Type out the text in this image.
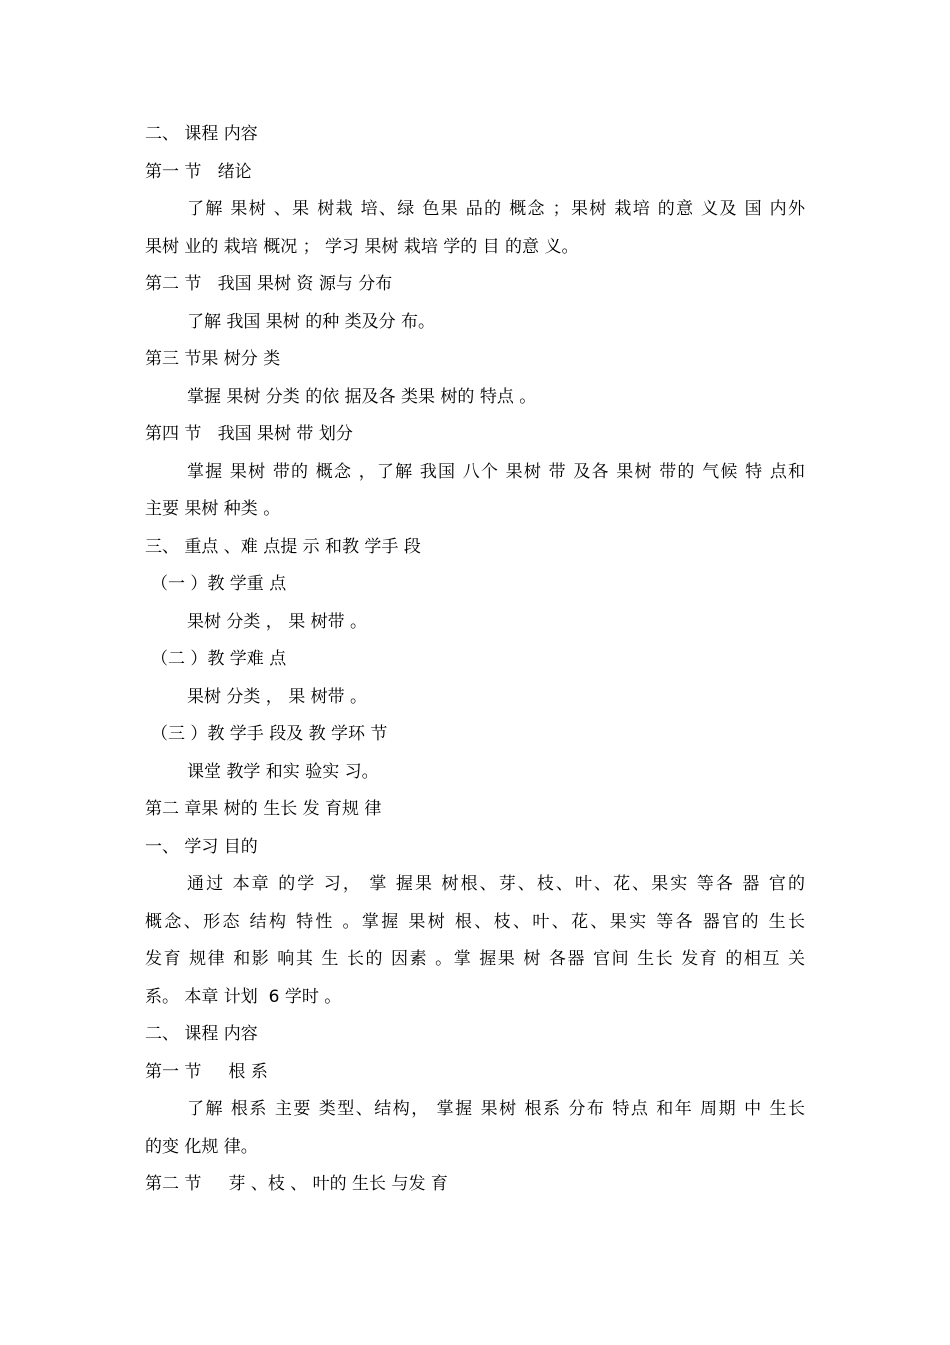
二、 课程 内容
第一 节   绪论
了解 果树 、果 树栽 培、绿 色果 品的 概念 ；果树 栽培 的意 义及 国 内外
果树 业的 栽培 概况 ； 学习 果树 栽培 学的 目 的意 义。
第二 节   我国 果树 资 源与 分布
了解 我国 果树 的种 类及分 布。
第三 节果 树分 类
掌握 果树 分类 的依 据及各 类果 树的 特点 。
第四 节   我国 果树 带 划分
掌握 果树 带的 概念 ，了解 我国 八个 果树 带 及各 果树 带的 气候 特 点和
主要 果树 种类 。
三、 重点 、难 点提 示 和教 学手 段
（一 ）教 学重 点
果树 分类 ， 果 树带 。
（二 ）教 学难 点
果树 分类 ， 果 树带 。
（三 ）教 学手 段及 教 学环 节
课堂 教学 和实 验实 习。
第二 章果 树的 生长 发 育规 律
一、 学习 目的
通过 本章 的学 习， 掌 握果 树根、芽、枝、叶、花、果实 等各 器 官的
概念、形态 结构 特性 。掌握 果树 根、枝、叶、花、果实 等各 器官的 生长
发育 规律 和影 响其 生 长的 因素 。掌 握果 树 各器 官间 生长 发育 的相互 关
系。 本章 计划  6 学时 。
二、 课程 内容
第一 节     根 系
了解 根系 主要 类型、结构， 掌握 果树 根系 分布 特点 和年 周期 中 生长
的变 化规 律。
第二 节     芽 、枝 、 叶的 生长 与发 育
